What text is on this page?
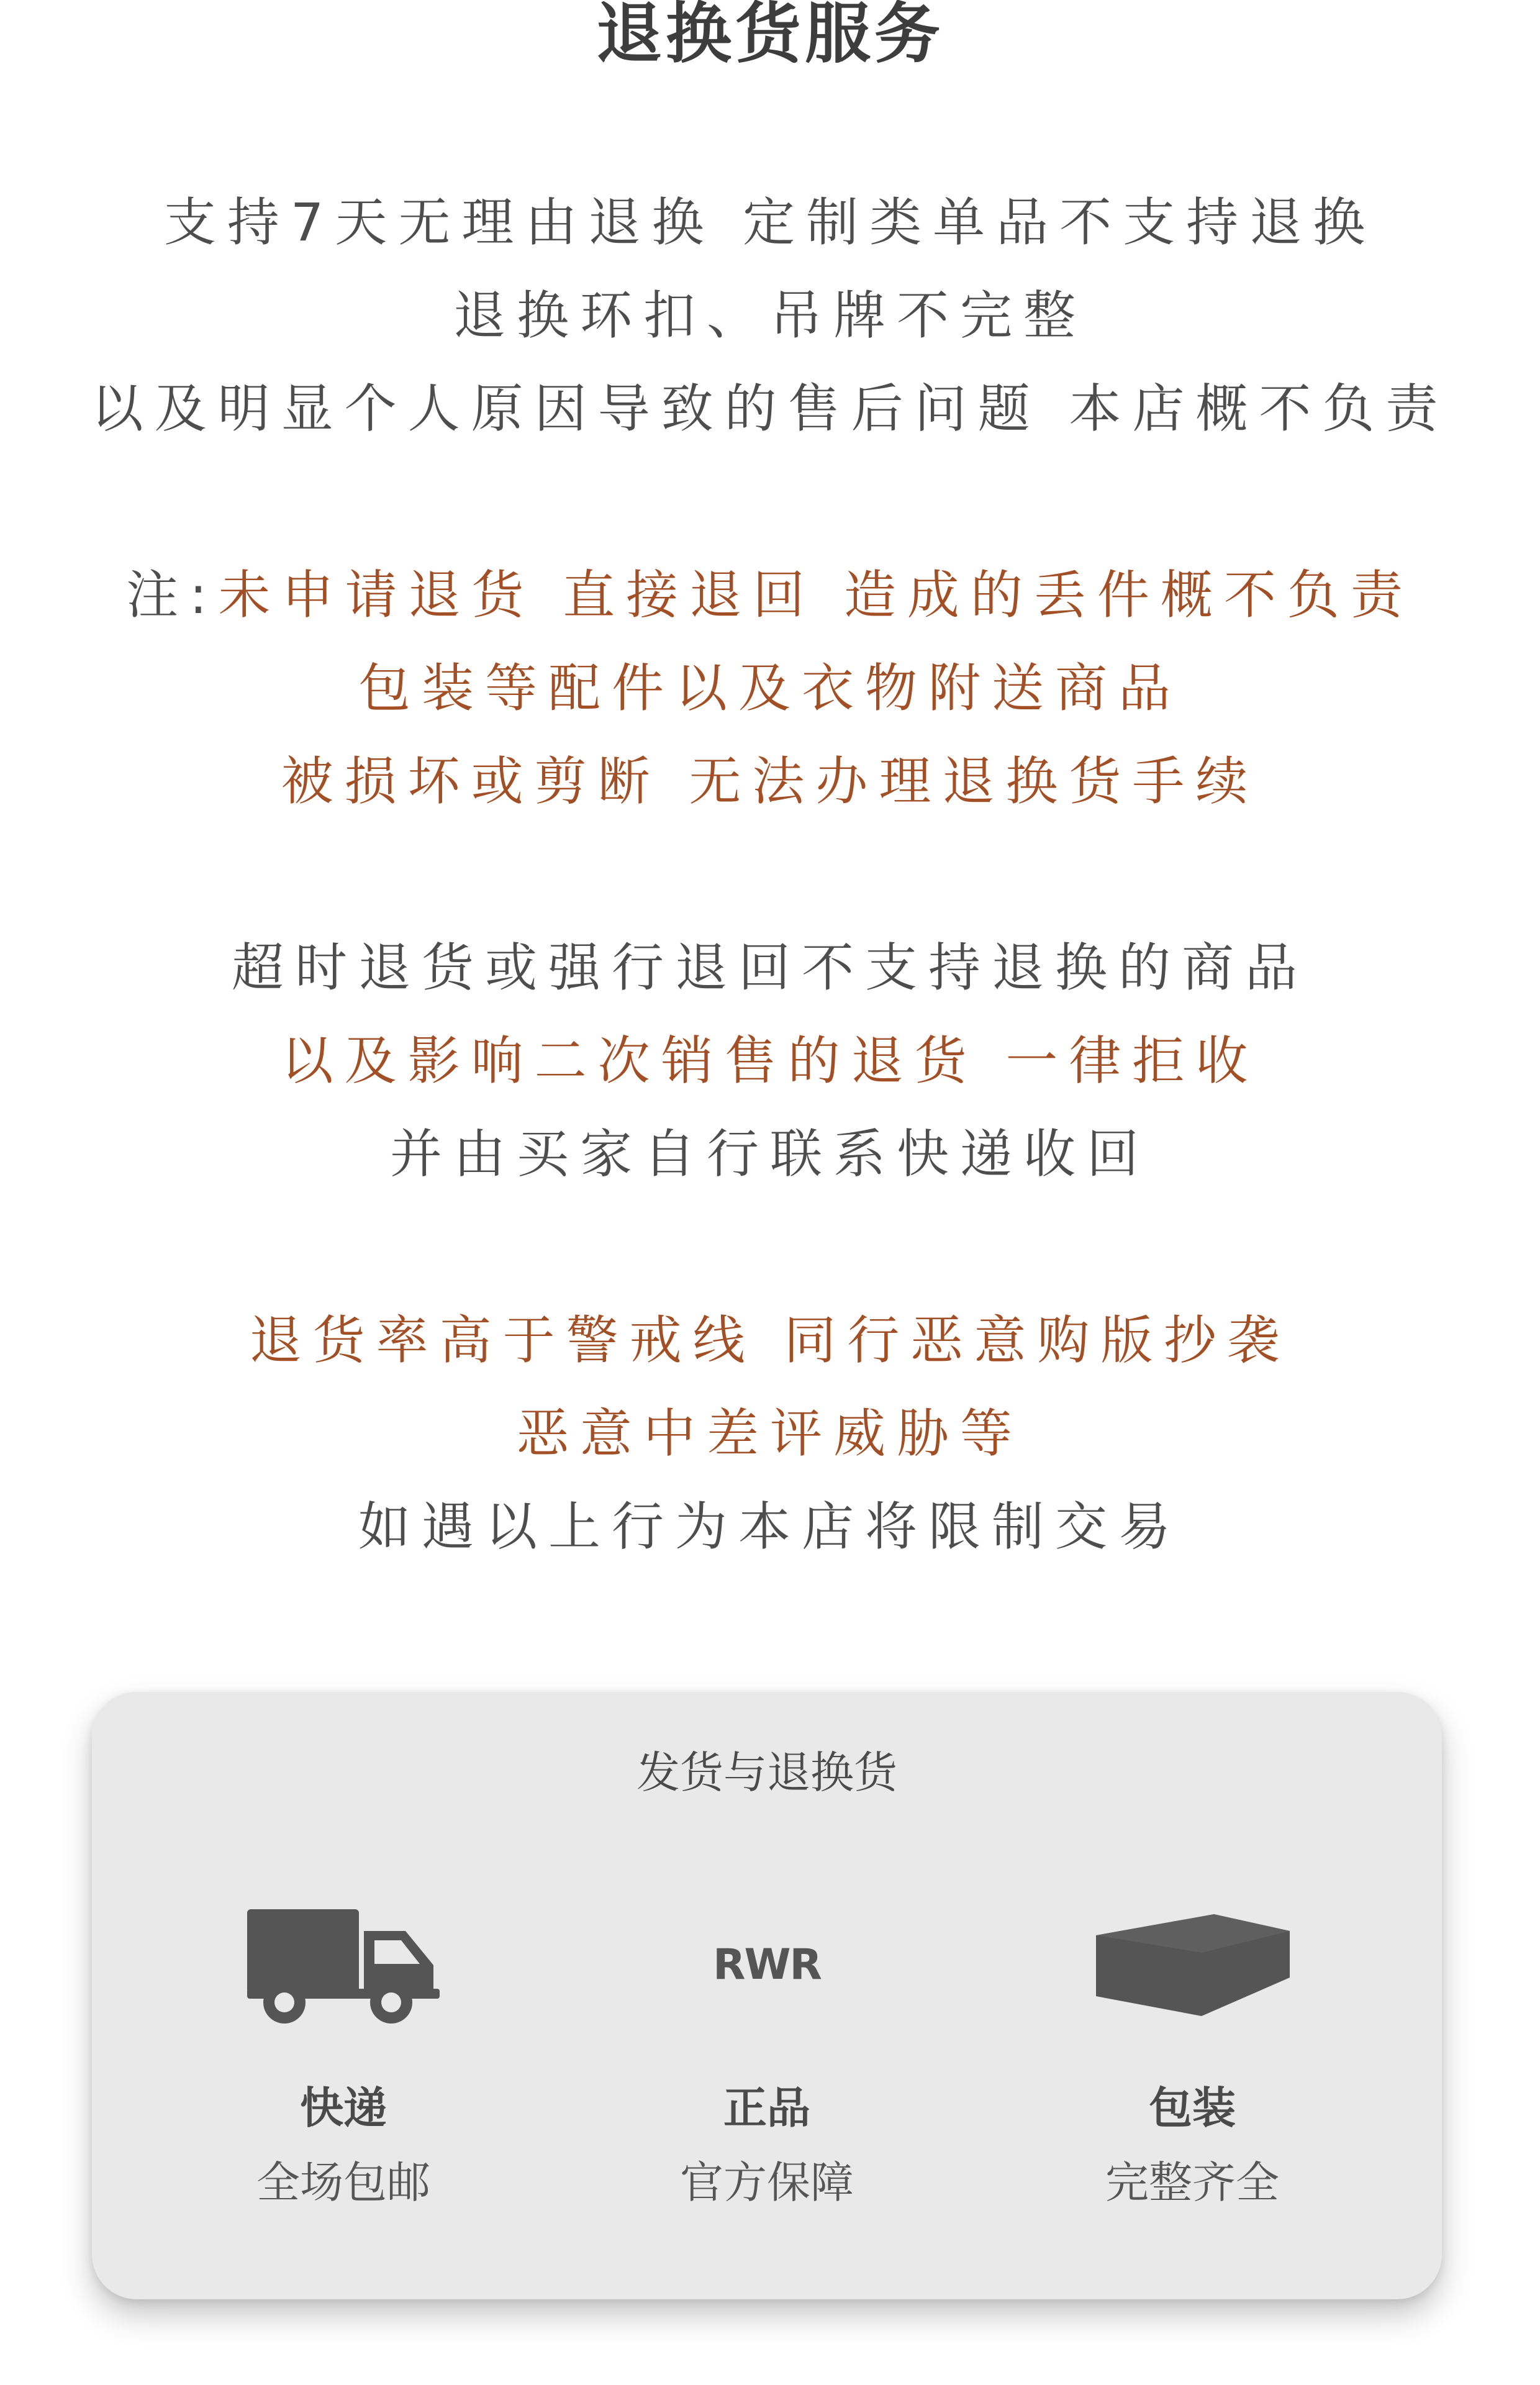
退换货服务
支持7天无理由退换 定制类单品不支持退换
退换环扣、吊牌不完整
以及明显个人原因导致的售后问题 本店概不负责
注:未申请退货 直接退回 造成的丢件概不负责
包装等配件以及衣物附送商品
被损坏或剪断 无法办理退换货手续
超时退货或强行退回不支持退换的商品
以及影响二次销售的退货 一律拒收
并由买家自行联系快递收回
退货率高于警戒线 同行恶意购版抄袭
恶意中差评威胁等
如遇以上行为本店将限制交易
发货与退换货
快递
全场包邮
RWR
正品
官方保障
包装
完整齐全
